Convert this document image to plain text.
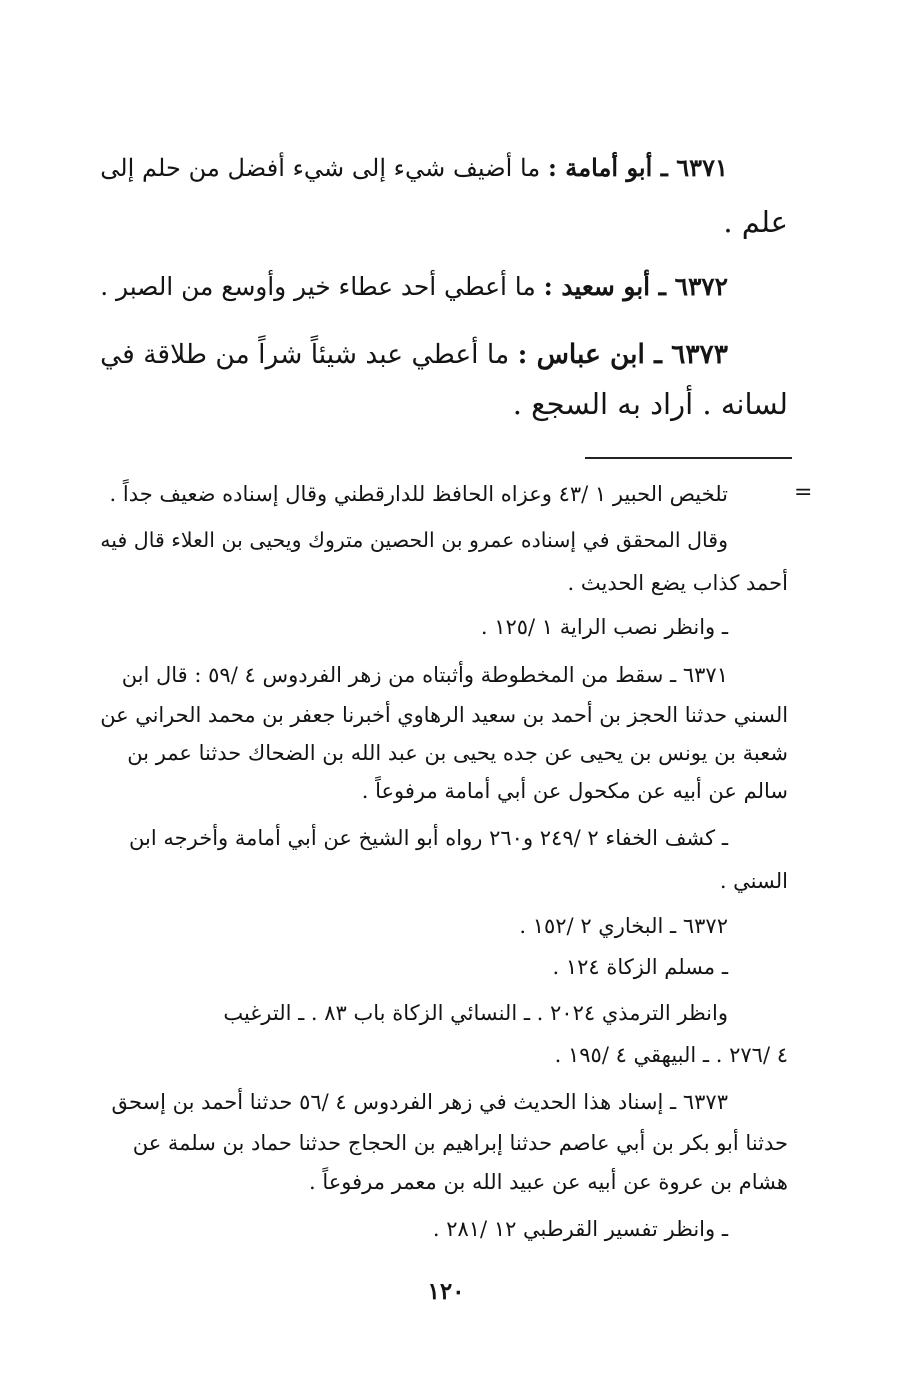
٦٣٧١ ـ أبو أمامة : ما أضيف شيء إلى شيء أفضل من حلم إلى
علم .
٦٣٧٢ ـ أبو سعيد : ما أعطي أحد عطاء خير وأوسع من الصبر .
٦٣٧٣ ـ ابن عباس : ما أعطي عبد شيئاً شراً من طلاقة في
لسانه . أراد به السجع .
=
تلخيص الحبير ١ /٤٣ وعزاه الحافظ للدارقطني وقال إسناده ضعيف جداً .
وقال المحقق في إسناده عمرو بن الحصين متروك ويحيى بن العلاء قال فيه
أحمد كذاب يضع الحديث .
ـ وانظر نصب الراية ١ /١٢٥ .
٦٣٧١ ـ سقط من المخطوطة وأثبتاه من زهر الفردوس ٤ /٥٩ : قال ابن
السني حدثنا الحجز بن أحمد بن سعيد الرهاوي أخبرنا جعفر بن محمد الحراني عن
شعبة بن يونس بن يحيى عن جده يحيى بن عبد الله بن الضحاك حدثنا عمر بن
سالم عن أبيه عن مكحول عن أبي أمامة مرفوعاً .
ـ كشف الخفاء ٢ /٢٤٩ و٢٦٠ رواه أبو الشيخ عن أبي أمامة وأخرجه ابن
السني .
٦٣٧٢ ـ البخاري ٢ /١٥٢ .
ـ مسلم الزكاة ١٢٤ .
وانظر الترمذي ٢٠٢٤ . ـ النسائي الزكاة باب ٨٣ . ـ الترغيب
٤ /٢٧٦ . ـ البيهقي ٤ /١٩٥ .
٦٣٧٣ ـ إسناد هذا الحديث في زهر الفردوس ٤ /٥٦ حدثنا أحمد بن إسحق
حدثنا أبو بكر بن أبي عاصم حدثنا إبراهيم بن الحجاج حدثنا حماد بن سلمة عن
هشام بن عروة عن أبيه عن عبيد الله بن معمر مرفوعاً .
ـ وانظر تفسير القرطبي ١٢ /٢٨١ .
١٢٠
